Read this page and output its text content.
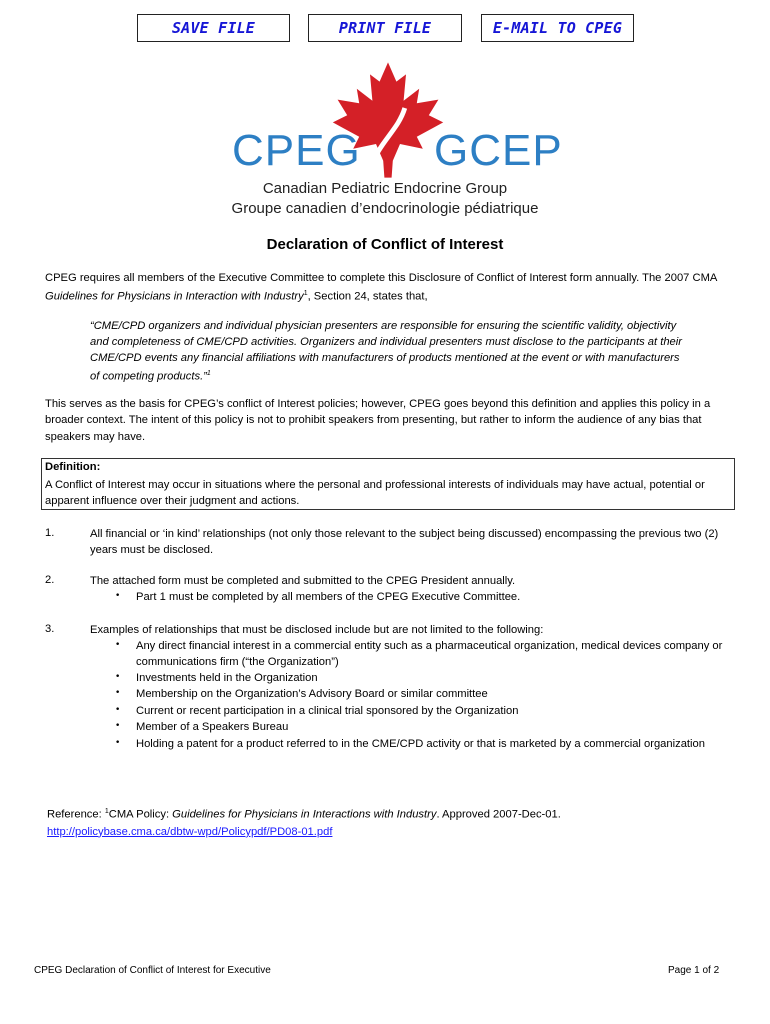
SAVE FILE	PRINT FILE	E-MAIL TO CPEG
CPEG GCEP
Canadian Pediatric Endocrine Group
Groupe canadien d’endocrinologie pédiatrique
Declaration of Conflict of Interest
CPEG requires all members of the Executive Committee to complete this Disclosure of Conflict of Interest form annually. The 2007 CMA Guidelines for Physicians in Interaction with Industry$^1$, Section 24, states that,
“CME/CPD organizers and individual physician presenters are responsible for ensuring the scientific validity, objectivity and completeness of CME/CPD activities. Organizers and individual presenters must disclose to the participants at their CME/CPD events any financial affiliations with manufacturers of products mentioned at the event or with manufacturers of competing products.”$^1$
This serves as the basis for CPEG’s conflict of Interest policies; however, CPEG goes beyond this definition and applies this policy in a broader context. The intent of this policy is not to prohibit speakers from presenting, but rather to inform the audience of any bias that speakers may have.
Definition:
A Conflict of Interest may occur in situations where the personal and professional interests of individuals may have actual, potential or apparent influence over their judgment and actions.
1.	All financial or ‘in kind’ relationships (not only those relevant to the subject being discussed) encompassing the previous two (2) years must be disclosed.
2.	The attached form must be completed and submitted to the CPEG President annually.
• Part 1 must be completed by all members of the CPEG Executive Committee.
3.	Examples of relationships that must be disclosed include but are not limited to the following:
• Any direct financial interest in a commercial entity such as a pharmaceutical organization, medical devices company or communications firm (“the Organization”)
• Investments held in the Organization
• Membership on the Organization’s Advisory Board or similar committee
• Current or recent participation in a clinical trial sponsored by the Organization
• Member of a Speakers Bureau
• Holding a patent for a product referred to in the CME/CPD activity or that is marketed by a commercial organization
Reference: $^1$CMA Policy: Guidelines for Physicians in Interactions with Industry. Approved 2007-Dec-01.
http://policybase.cma.ca/dbtw-wpd/Policypdf/PD08-01.pdf
CPEG Declaration of Conflict of Interest for Executive	Page 1 of 2
